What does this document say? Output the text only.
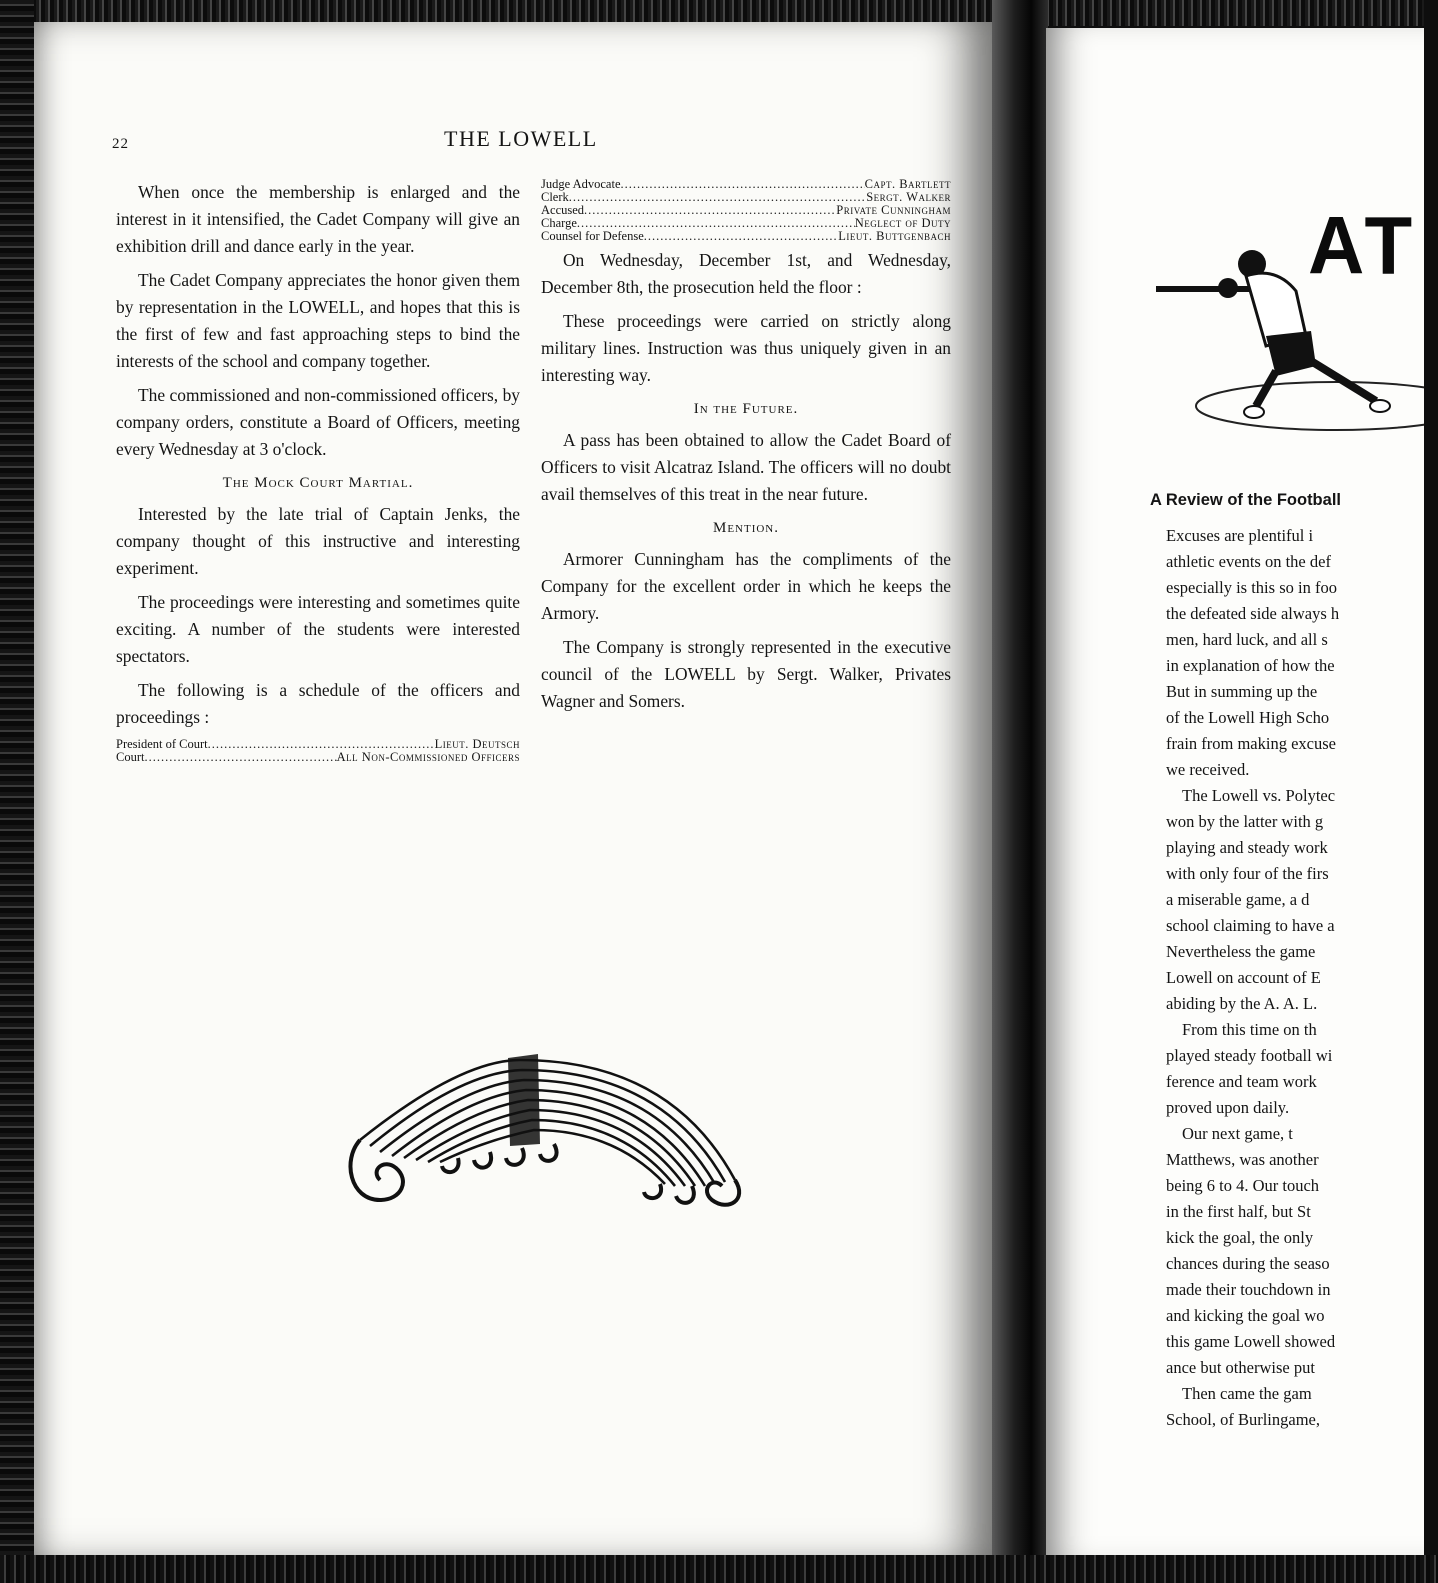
22	THE LOWELL

When once the membership is enlarged and the interest in it intensified, the Cadet Company will give an exhibition drill and dance early in the year.

The Cadet Company appreciates the honor given them by representation in the LOWELL, and hopes that this is the first of few and fast approaching steps to bind the interests of the school and company together.

The commissioned and non-commissioned officers, by company orders, constitute a Board of Officers, meeting every Wednesday at 3 o'clock.

The Mock Court Martial.

Interested by the late trial of Captain Jenks, the company thought of this instructive and interesting experiment.

The proceedings were interesting and sometimes quite exciting. A number of the students were interested spectators.

The following is a schedule of the officers and proceedings :

President of Court .....	Lieut. Deutsch
Court .....	All Non-Commissioned Officers
Judge Advocate .....	Capt. Bartlett
Clerk .....	Sergt. Walker
Accused .....	Private Cunningham
Charge .....	Neglect of Duty
Counsel for Defense .....	Lieut. Buttgenbach

On Wednesday, December 1st, and Wednesday, December 8th, the prosecution held the floor :

These proceedings were carried on strictly along military lines. Instruction was thus uniquely given in an interesting way.

In the Future.

A pass has been obtained to allow the Cadet Board of Officers to visit Alcatraz Island. The officers will no doubt avail themselves of this treat in the near future.

Mention.

Armorer Cunningham has the compliments of the Company for the excellent order in which he keeps the Armory.

The Company is strongly represented in the executive council of the LOWELL by Sergt. Walker, Privates Wagner and Somers.

AT
A Review of the Football
Excuses are plentiful i
athletic events on the def
especially is this so in foo
the defeated side always h
men, hard luck, and all s
in explanation of how the
But in summing up the
of the Lowell High Scho
frain from making excuse
we received.
The Lowell vs. Polytec
won by the latter with g
playing and steady work
with only four of the firs
a miserable game, a d
school claiming to have a
Nevertheless the game
Lowell on account of E
abiding by the A. A. L.
From this time on th
played steady football wi
ference and team work
proved upon daily.
Our next game, t
Matthews, was another
being 6 to 4. Our touch
in the first half, but St
kick the goal, the only
chances during the seaso
made their touchdown in
and kicking the goal wo
this game Lowell showed
ance but otherwise put
Then came the gam
School, of Burlingame,
